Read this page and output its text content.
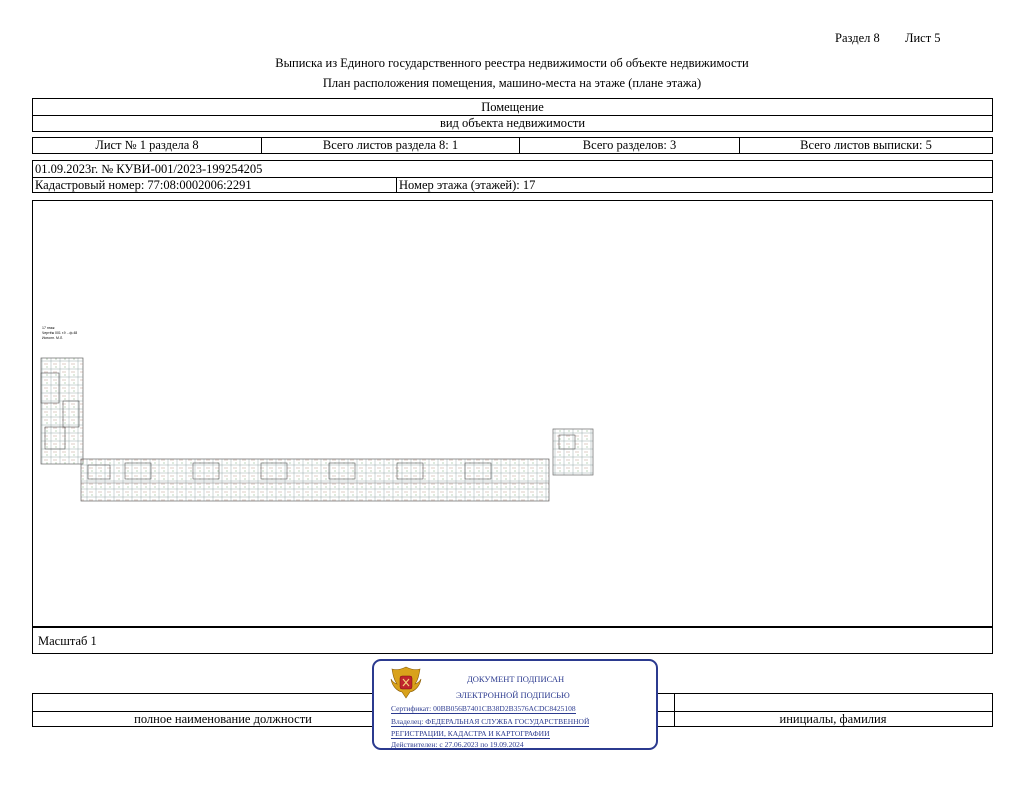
Раздел 8 Лист 5
Выписка из Единого государственного реестра недвижимости об объекте недвижимости
План расположения помещения, машино-места на этаже (плане этажа)
Помещение
вид объекта недвижимости
Лист № 1 раздела 8	Всего листов раздела 8: 1	Всего разделов: 3	Всего листов выписки: 5
01.09.2023г. № КУВИ-001/2023-199254205
Кадастровый номер: 77:08:0002006:2291	Номер этажа (этажей): 17
17 этаж
Чертёж 001 г.9 ...ф.48
Исполн. М.Л.
Масштаб 1
полное наименование должности	инициалы, фамилия
ДОКУМЕНТ ПОДПИСАН
ЭЛЕКТРОННОЙ ПОДПИСЬЮ
Сертификат: 00BB056B7401CB38D2B3576ACDC8425108
Владелец: ФЕДЕРАЛЬНАЯ СЛУЖБА ГОСУДАРСТВЕННОЙ
РЕГИСТРАЦИИ, КАДАСТРА И КАРТОГРАФИИ
Действителен: с 27.06.2023 по 19.09.2024
